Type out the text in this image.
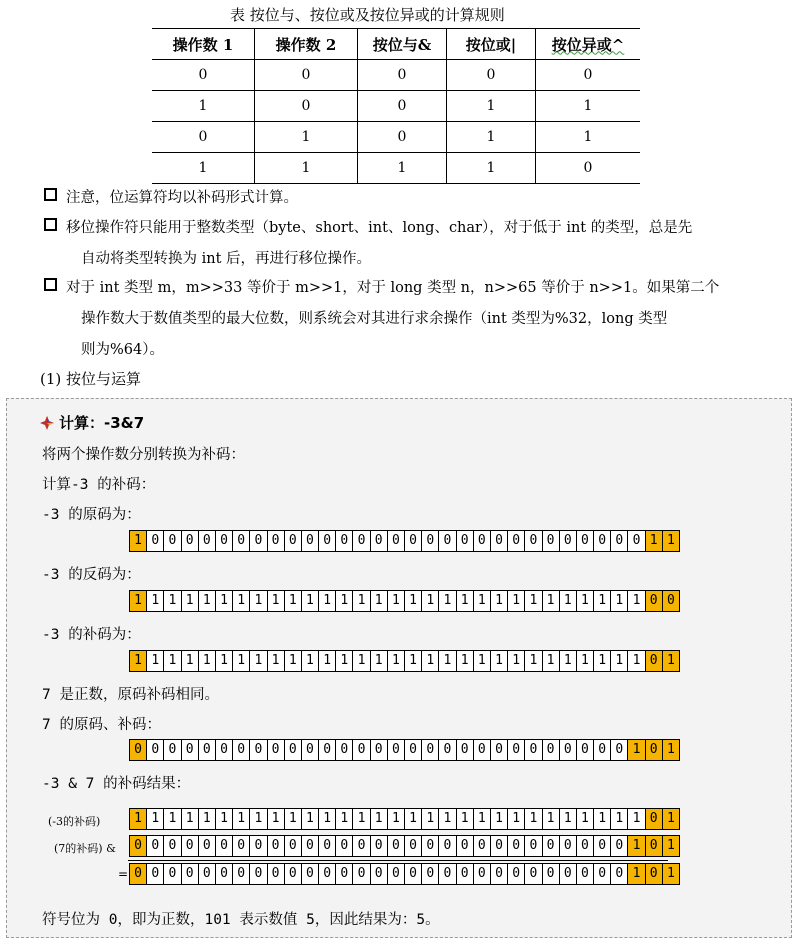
表 按位与、按位或及按位异或的计算规则
操作数 1	操作数 2	按位与&	按位或|	按位异或^
0	0	0	0	0
1	0	0	1	1
0	1	0	1	1
1	1	1	1	0
注意，位运算符均以补码形式计算。
移位操作符只能用于整数类型（byte、short、int、long、char），对于低于 int 的类型，总是先
自动将类型转换为 int 后，再进行移位操作。
对于 int 类型 m，m>>33 等价于 m>>1，对于 long 类型 n，n>>65 等价于 n>>1。如果第二个
操作数大于数值类型的最大位数，则系统会对其进行求余操作（int 类型为%32，long 类型
则为%64）。
(1) 按位与运算
计算：-3&7
将两个操作数分别转换为补码：
计算-3 的补码：
-3 的原码为：
1 0 0 0 0 0 0 0 0 0 0 0 0 0 0 0 0 0 0 0 0 0 0 0 0 0 0 0 0 0 1 1
-3 的反码为：
1 1 1 1 1 1 1 1 1 1 1 1 1 1 1 1 1 1 1 1 1 1 1 1 1 1 1 1 1 1 0 0
-3 的补码为：
1 1 1 1 1 1 1 1 1 1 1 1 1 1 1 1 1 1 1 1 1 1 1 1 1 1 1 1 1 1 0 1
7 是正数，原码补码相同。
7 的原码、补码：
0 0 0 0 0 0 0 0 0 0 0 0 0 0 0 0 0 0 0 0 0 0 0 0 0 0 0 0 0 1 0 1
-3 & 7 的补码结果：
(-3的补码)	1 1 1 1 1 1 1 1 1 1 1 1 1 1 1 1 1 1 1 1 1 1 1 1 1 1 1 1 1 1 0 1
(7的补码) &	0 0 0 0 0 0 0 0 0 0 0 0 0 0 0 0 0 0 0 0 0 0 0 0 0 0 0 0 0 1 0 1
= 0 0 0 0 0 0 0 0 0 0 0 0 0 0 0 0 0 0 0 0 0 0 0 0 0 0 0 0 0 1 0 1
符号位为 0，即为正数，101 表示数值 5，因此结果为：5。
